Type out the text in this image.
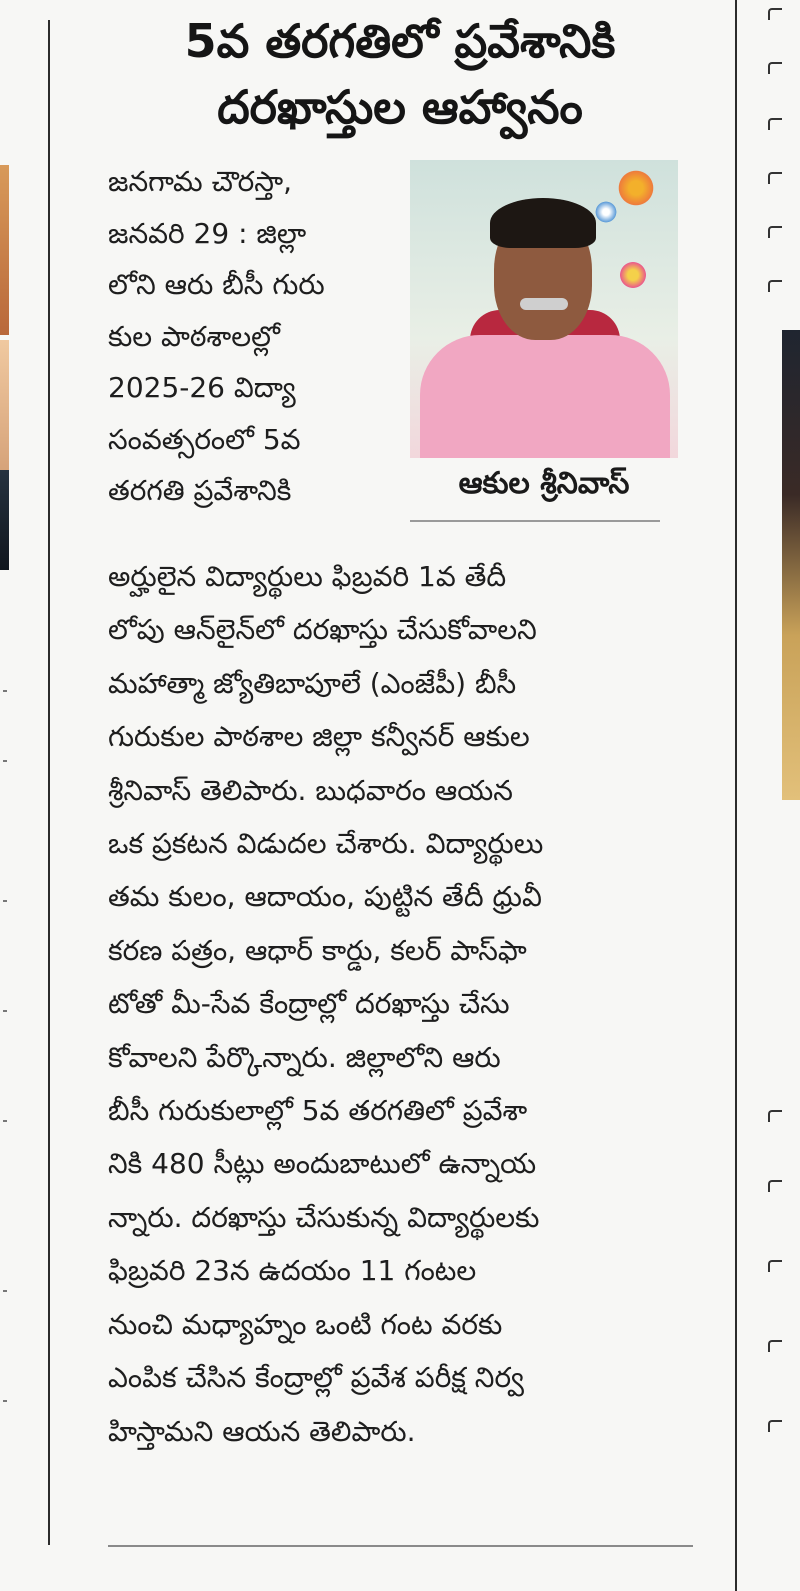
5వ తరగతిలో ప్రవేశానికి
దరఖాస్తుల ఆహ్వానం

ఆకుల శ్రీనివాస్

జనగామ చౌరస్తా,
జనవరి 29 : జిల్లా
లోని ఆరు బీసీ గురు
కుల పాఠశాలల్లో
2025-26 విద్యా
సంవత్సరంలో 5వ
తరగతి ప్రవేశానికి

అర్హులైన విద్యార్థులు ఫిబ్రవరి 1వ తేదీ
లోపు ఆన్‌లైన్‌లో దరఖాస్తు చేసుకోవాలని
మహాత్మా జ్యోతిబాపూలే (ఎంజేపీ) బీసీ
గురుకుల పాఠశాల జిల్లా కన్వీనర్ ఆకుల
శ్రీనివాస్ తెలిపారు. బుధవారం ఆయన
ఒక ప్రకటన విడుదల చేశారు. విద్యార్థులు
తమ కులం, ఆదాయం, పుట్టిన తేదీ ధ్రువీ
కరణ పత్రం, ఆధార్ కార్డు, కలర్ పాస్‌ఫా
టోతో మీ-సేవ కేంద్రాల్లో దరఖాస్తు చేసు
కోవాలని పేర్కొన్నారు. జిల్లాలోని ఆరు
బీసీ గురుకులాల్లో 5వ తరగతిలో ప్రవేశా
నికి 480 సీట్లు అందుబాటులో ఉన్నాయ
న్నారు. దరఖాస్తు చేసుకున్న విద్యార్థులకు
ఫిబ్రవరి 23న ఉదయం 11 గంటల
నుంచి మధ్యాహ్నం ఒంటి గంట వరకు
ఎంపిక చేసిన కేంద్రాల్లో ప్రవేశ పరీక్ష నిర్వ
హిస్తామని ఆయన తెలిపారు.
